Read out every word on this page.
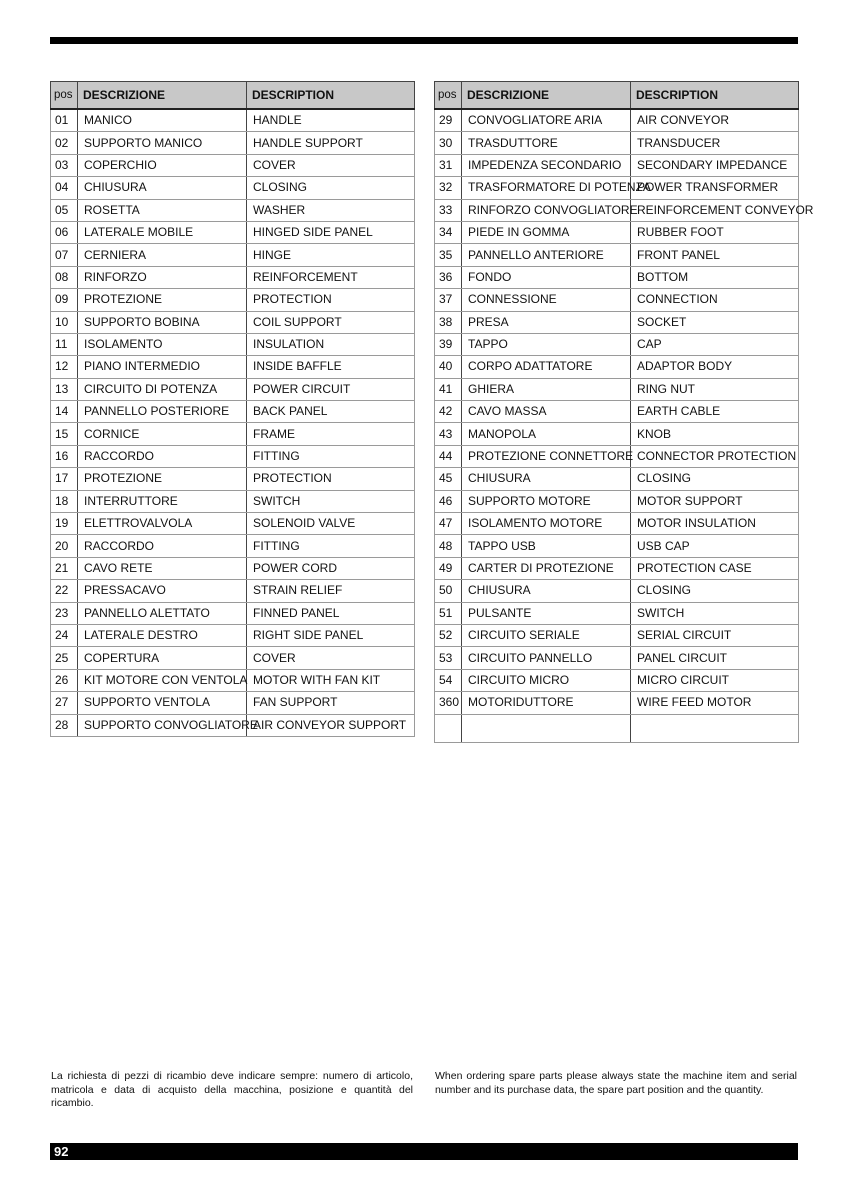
pos	DESCRIZIONE	DESCRIPTION
01	MANICO	HANDLE
02	SUPPORTO MANICO	HANDLE SUPPORT
03	COPERCHIO	COVER
04	CHIUSURA	CLOSING
05	ROSETTA	WASHER
06	LATERALE MOBILE	HINGED SIDE PANEL
07	CERNIERA	HINGE
08	RINFORZO	REINFORCEMENT
09	PROTEZIONE	PROTECTION
10	SUPPORTO BOBINA	COIL SUPPORT
11	ISOLAMENTO	INSULATION
12	PIANO INTERMEDIO	INSIDE BAFFLE
13	CIRCUITO DI POTENZA	POWER CIRCUIT
14	PANNELLO POSTERIORE	BACK PANEL
15	CORNICE	FRAME
16	RACCORDO	FITTING
17	PROTEZIONE	PROTECTION
18	INTERRUTTORE	SWITCH
19	ELETTROVALVOLA	SOLENOID VALVE
20	RACCORDO	FITTING
21	CAVO RETE	POWER CORD
22	PRESSACAVO	STRAIN RELIEF
23	PANNELLO ALETTATO	FINNED PANEL
24	LATERALE DESTRO	RIGHT SIDE PANEL
25	COPERTURA	COVER
26	KIT MOTORE CON VENTOLA	MOTOR WITH FAN KIT
27	SUPPORTO VENTOLA	FAN SUPPORT
28	SUPPORTO CONVOGLIATORE	AIR CONVEYOR SUPPORT
pos	DESCRIZIONE	DESCRIPTION
29	CONVOGLIATORE ARIA	AIR CONVEYOR
30	TRASDUTTORE	TRANSDUCER
31	IMPEDENZA SECONDARIO	SECONDARY IMPEDANCE
32	TRASFORMATORE DI POTENZA	POWER TRANSFORMER
33	RINFORZO CONVOGLIATORE	REINFORCEMENT CONVEYOR
34	PIEDE IN GOMMA	RUBBER FOOT
35	PANNELLO ANTERIORE	FRONT PANEL
36	FONDO	BOTTOM
37	CONNESSIONE	CONNECTION
38	PRESA	SOCKET
39	TAPPO	CAP
40	CORPO ADATTATORE	ADAPTOR BODY
41	GHIERA	RING NUT
42	CAVO MASSA	EARTH CABLE
43	MANOPOLA	KNOB
44	PROTEZIONE CONNETTORE	CONNECTOR PROTECTION
45	CHIUSURA	CLOSING
46	SUPPORTO MOTORE	MOTOR SUPPORT
47	ISOLAMENTO MOTORE	MOTOR INSULATION
48	TAPPO USB	USB CAP
49	CARTER DI PROTEZIONE	PROTECTION CASE
50	CHIUSURA	CLOSING
51	PULSANTE	SWITCH
52	CIRCUITO SERIALE	SERIAL CIRCUIT
53	CIRCUITO PANNELLO	PANEL CIRCUIT
54	CIRCUITO MICRO	MICRO CIRCUIT
360	MOTORIDUTTORE	WIRE FEED MOTOR

La richiesta di pezzi di ricambio deve indicare sempre: numero di articolo, matricola e data di acquisto della macchina, posizione e quantità del ricambio.
When ordering spare parts please always state the machine item and serial number and its purchase data, the spare part position and the quantity.
92
